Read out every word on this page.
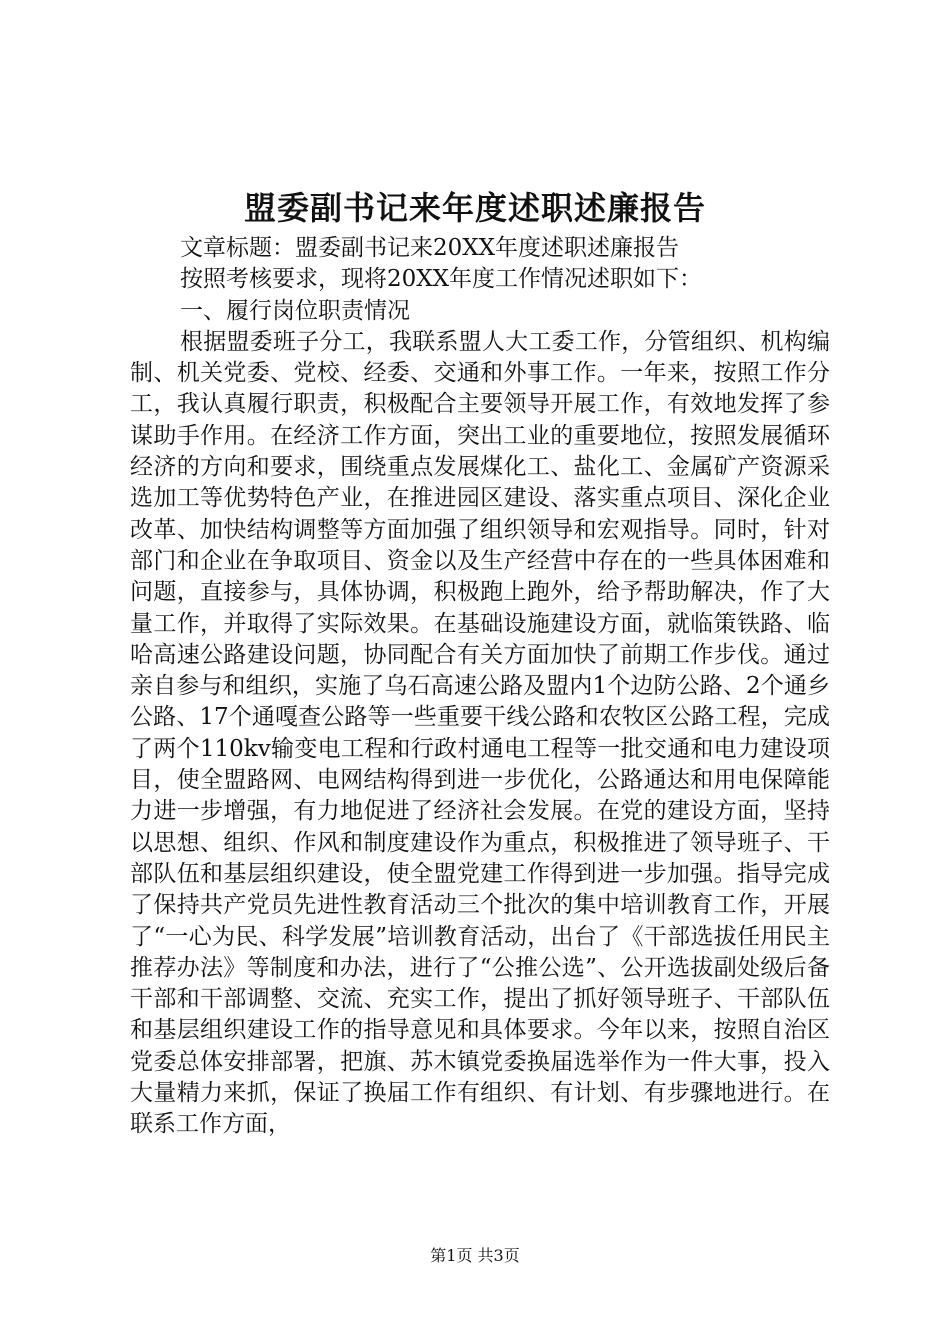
盟委副书记来年度述职述廉报告

文章标题：盟委副书记来20XX年度述职述廉报告

按照考核要求，现将20XX年度工作情况述职如下：

一、履行岗位职责情况

根据盟委班子分工，我联系盟人大工委工作，分管组织、机构编制、机关党委、党校、经委、交通和外事工作。一年来，按照工作分工，我认真履行职责，积极配合主要领导开展工作，有效地发挥了参谋助手作用。在经济工作方面，突出工业的重要地位，按照发展循环经济的方向和要求，围绕重点发展煤化工、盐化工、金属矿产资源采选加工等优势特色产业，在推进园区建设、落实重点项目、深化企业改革、加快结构调整等方面加强了组织领导和宏观指导。同时，针对部门和企业在争取项目、资金以及生产经营中存在的一些具体困难和问题，直接参与，具体协调，积极跑上跑外，给予帮助解决，作了大量工作，并取得了实际效果。在基础设施建设方面，就临策铁路、临哈高速公路建设问题，协同配合有关方面加快了前期工作步伐。通过亲自参与和组织，实施了乌石高速公路及盟内1个边防公路、2个通乡公路、17个通嘎查公路等一些重要干线公路和农牧区公路工程，完成了两个110kv输变电工程和行政村通电工程等一批交通和电力建设项目，使全盟路网、电网结构得到进一步优化，公路通达和用电保障能力进一步增强，有力地促进了经济社会发展。在党的建设方面，坚持以思想、组织、作风和制度建设作为重点，积极推进了领导班子、干部队伍和基层组织建设，使全盟党建工作得到进一步加强。指导完成了保持共产党员先进性教育活动三个批次的集中培训教育工作，开展了“一心为民、科学发展”培训教育活动，出台了《干部选拔任用民主推荐办法》等制度和办法，进行了“公推公选”、公开选拔副处级后备干部和干部调整、交流、充实工作，提出了抓好领导班子、干部队伍和基层组织建设工作的指导意见和具体要求。今年以来，按照自治区党委总体安排部署，把旗、苏木镇党委换届选举作为一件大事，投入大量精力来抓，保证了换届工作有组织、有计划、有步骤地进行。在联系工作方面，

第1页 共3页
